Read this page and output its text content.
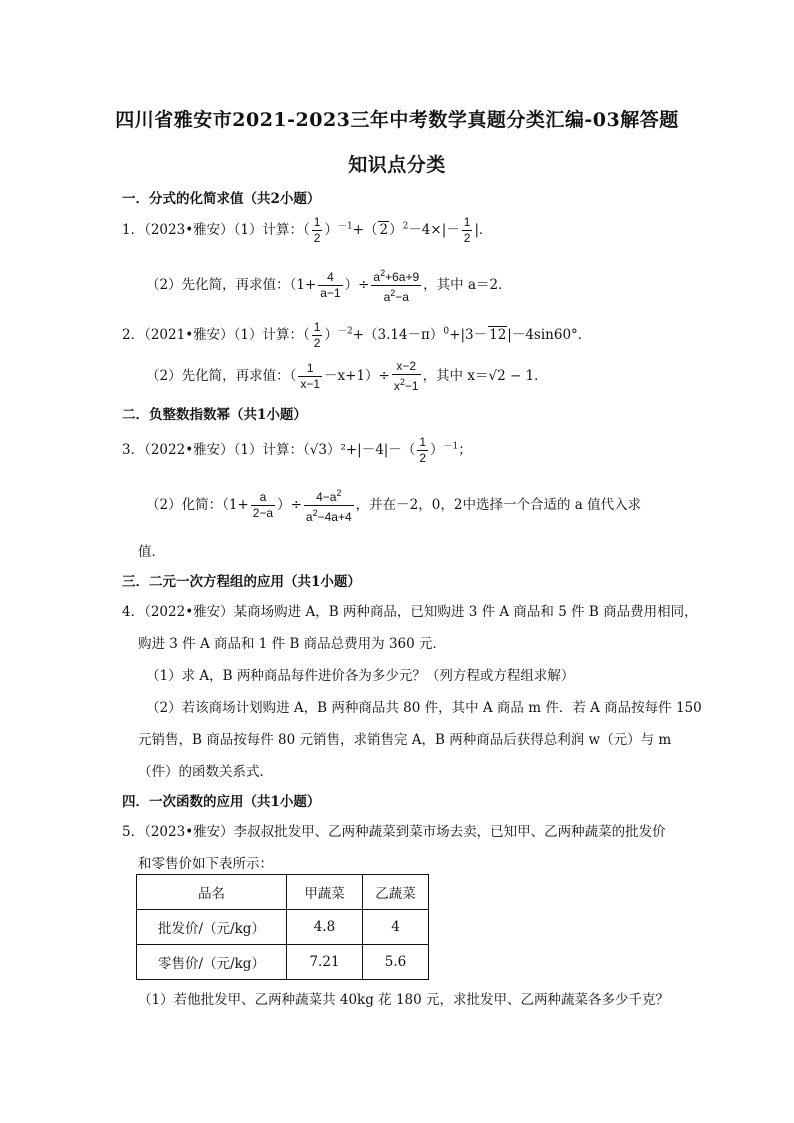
四川省雅安市2021-2023三年中考数学真题分类汇编-03解答题
知识点分类
一．分式的化简求值（共2小题）
1．（2023•雅安）（1）计算：（ $\frac{1}{2} )^{-1}+$（ $2)^2-4\times|- \frac{1}{2}$ |．
（2）先化简，再求值：（$1+ \frac{4}{a-1}$ ）÷ $\frac{a^2+6a+9}{a^2-a}$ ，其中 a＝2．
2．（2021•雅安）（1）计算：（ $\frac{1}{2} )^{-2}+(3.14-\pi)^0+|3- 12|-4\sin 60^\circ$．
（2）先化简，再求值：（ $\frac{1}{x-1} -x+1)\div \frac{x-2}{x^2-1}$ ，其中 x＝√2 − 1．
二．负整数指数幂（共1小题）
3．（2022•雅安）（1）计算：$(√3)^2+|-4|-( \frac{1}{2} )^{-1}$；
（2）化简：（$1+ \frac{a}{2-a}$ ）÷ $\frac{4-a^2}{a^2-4a+4}$ ，并在－2，0，2中选择一个合适的 a 值代入求
值．
三．二元一次方程组的应用（共1小题）
4．（2022•雅安）某商场购进 A，B 两种商品，已知购进 3 件 A 商品和 5 件 B 商品费用相同，
购进 3 件 A 商品和 1 件 B 商品总费用为 360 元．
（1）求 A，B 两种商品每件进价各为多少元？（列方程或方程组求解）
（2）若该商场计划购进 A，B 两种商品共 80 件，其中 A 商品 m 件．若 A 商品按每件 150
元销售，B 商品按每件 80 元销售，求销售完 A，B 两种商品后获得总利润 w（元）与 m
（件）的函数关系式．
四．一次函数的应用（共1小题）
5．（2023•雅安）李叔叔批发甲、乙两种蔬菜到菜市场去卖，已知甲、乙两种蔬菜的批发价
和零售价如下表所示：
品名	甲蔬菜	乙蔬菜
批发价/（元/kg）	4.8	4
零售价/（元/kg）	7.21	5.6
（1）若他批发甲、乙两种蔬菜共 40kg 花 180 元，求批发甲、乙两种蔬菜各多少千克？
